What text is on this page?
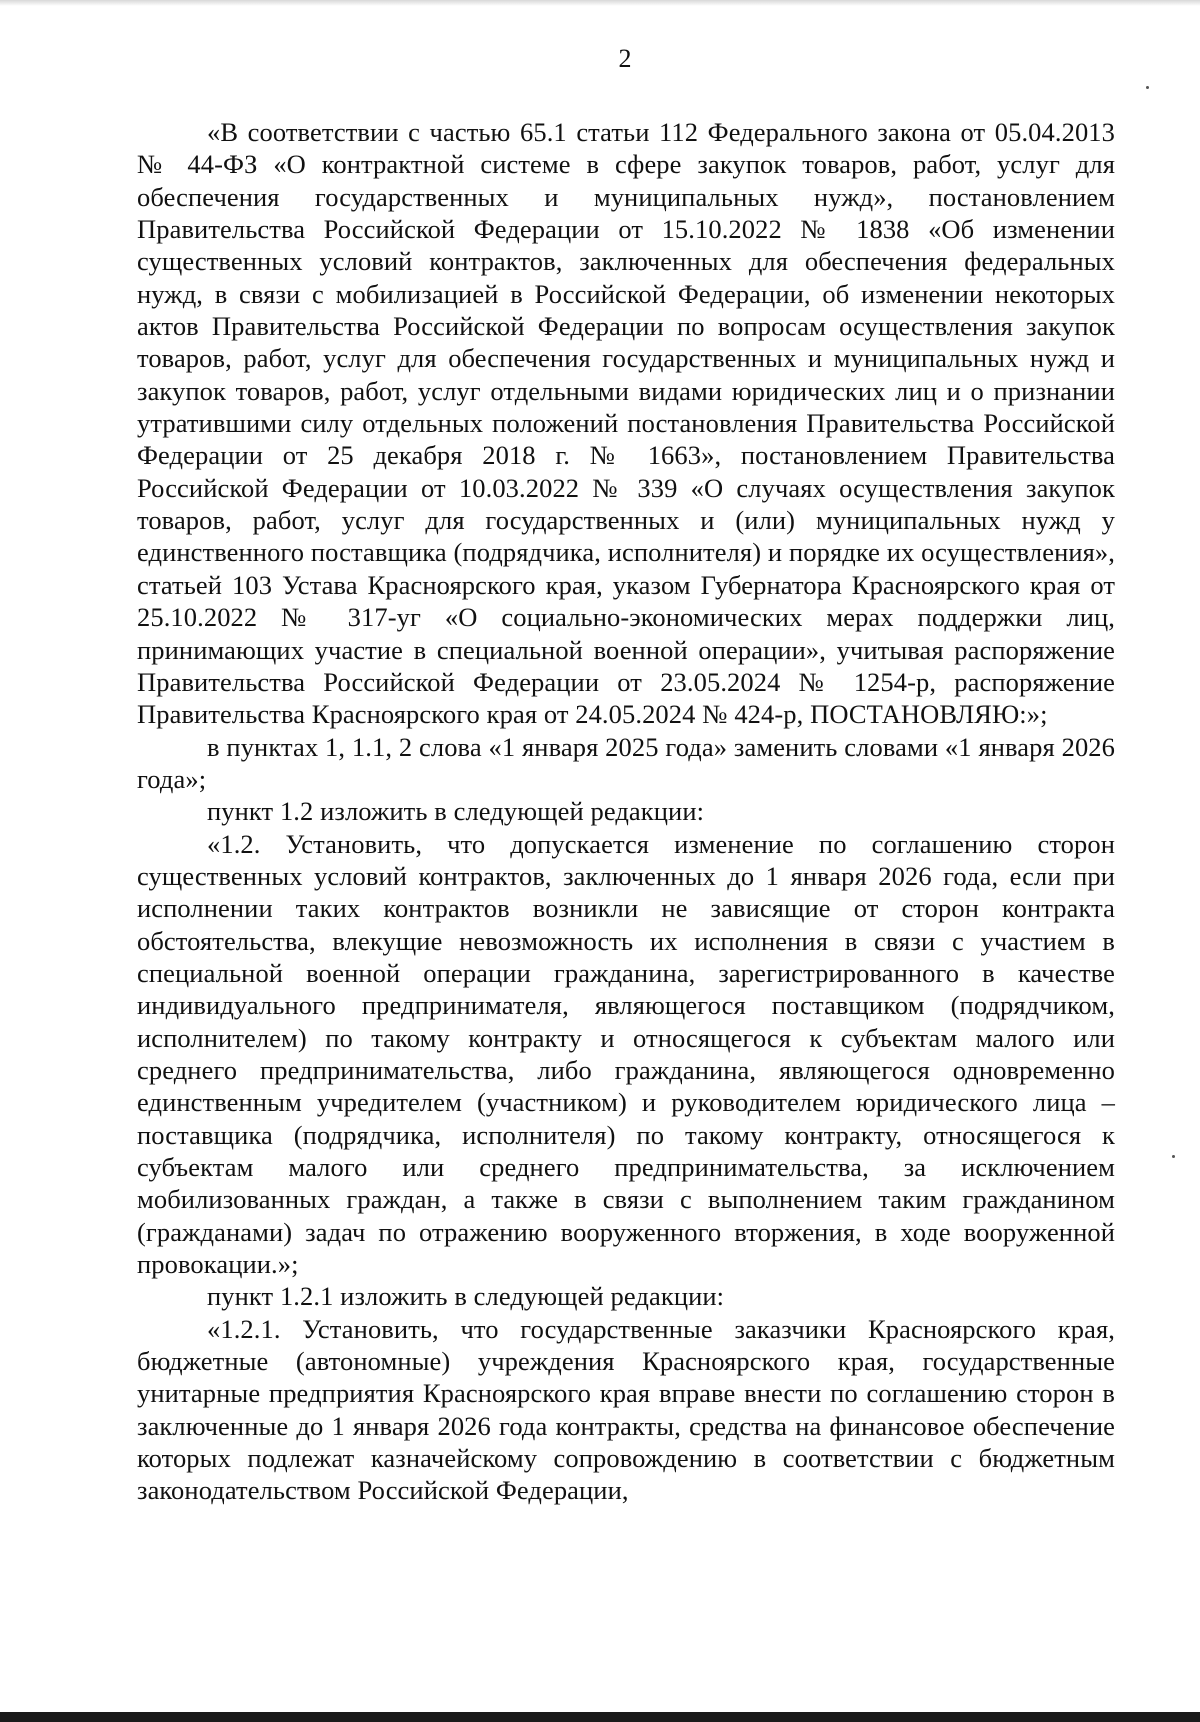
2

«В соответствии с частью 65.1 статьи 112 Федерального закона от 05.04.2013 № 44-ФЗ «О контрактной системе в сфере закупок товаров, работ, услуг для обеспечения государственных и муниципальных нужд», постановлением Правительства Российской Федерации от 15.10.2022 № 1838 «Об изменении существенных условий контрактов, заключенных для обеспечения федеральных нужд, в связи с мобилизацией в Российской Федерации, об изменении некоторых актов Правительства Российской Федерации по вопросам осуществления закупок товаров, работ, услуг для обеспечения государственных и муниципальных нужд и закупок товаров, работ, услуг отдельными видами юридических лиц и о признании утратившими силу отдельных положений постановления Правительства Российской Федерации от 25 декабря 2018 г. № 1663», постановлением Правительства Российской Федерации от 10.03.2022 № 339 «О случаях осуществления закупок товаров, работ, услуг для государственных и (или) муниципальных нужд у единственного поставщика (подрядчика, исполнителя) и порядке их осуществления», статьей 103 Устава Красноярского края, указом Губернатора Красноярского края от 25.10.2022 № 317-уг «О социально-экономических мерах поддержки лиц, принимающих участие в специальной военной операции», учитывая распоряжение Правительства Российской Федерации от 23.05.2024 № 1254-р, распоряжение Правительства Красноярского края от 24.05.2024 № 424-р, ПОСТАНОВЛЯЮ:»;

в пунктах 1, 1.1, 2 слова «1 января 2025 года» заменить словами «1 января 2026 года»;

пункт 1.2 изложить в следующей редакции:

«1.2. Установить, что допускается изменение по соглашению сторон существенных условий контрактов, заключенных до 1 января 2026 года, если при исполнении таких контрактов возникли не зависящие от сторон контракта обстоятельства, влекущие невозможность их исполнения в связи с участием в специальной военной операции гражданина, зарегистрированного в качестве индивидуального предпринимателя, являющегося поставщиком (подрядчиком, исполнителем) по такому контракту и относящегося к субъектам малого или среднего предпринимательства, либо гражданина, являющегося одновременно единственным учредителем (участником) и руководителем юридического лица – поставщика (подрядчика, исполнителя) по такому контракту, относящегося к субъектам малого или среднего предпринимательства, за исключением мобилизованных граждан, а также в связи с выполнением таким гражданином (гражданами) задач по отражению вооруженного вторжения, в ходе вооруженной провокации.»;

пункт 1.2.1 изложить в следующей редакции:

«1.2.1. Установить, что государственные заказчики Красноярского края, бюджетные (автономные) учреждения Красноярского края, государственные унитарные предприятия Красноярского края вправе внести по соглашению сторон в заключенные до 1 января 2026 года контракты, средства на финансовое обеспечение которых подлежат казначейскому сопровождению в соответствии с бюджетным законодательством Российской Федерации,
